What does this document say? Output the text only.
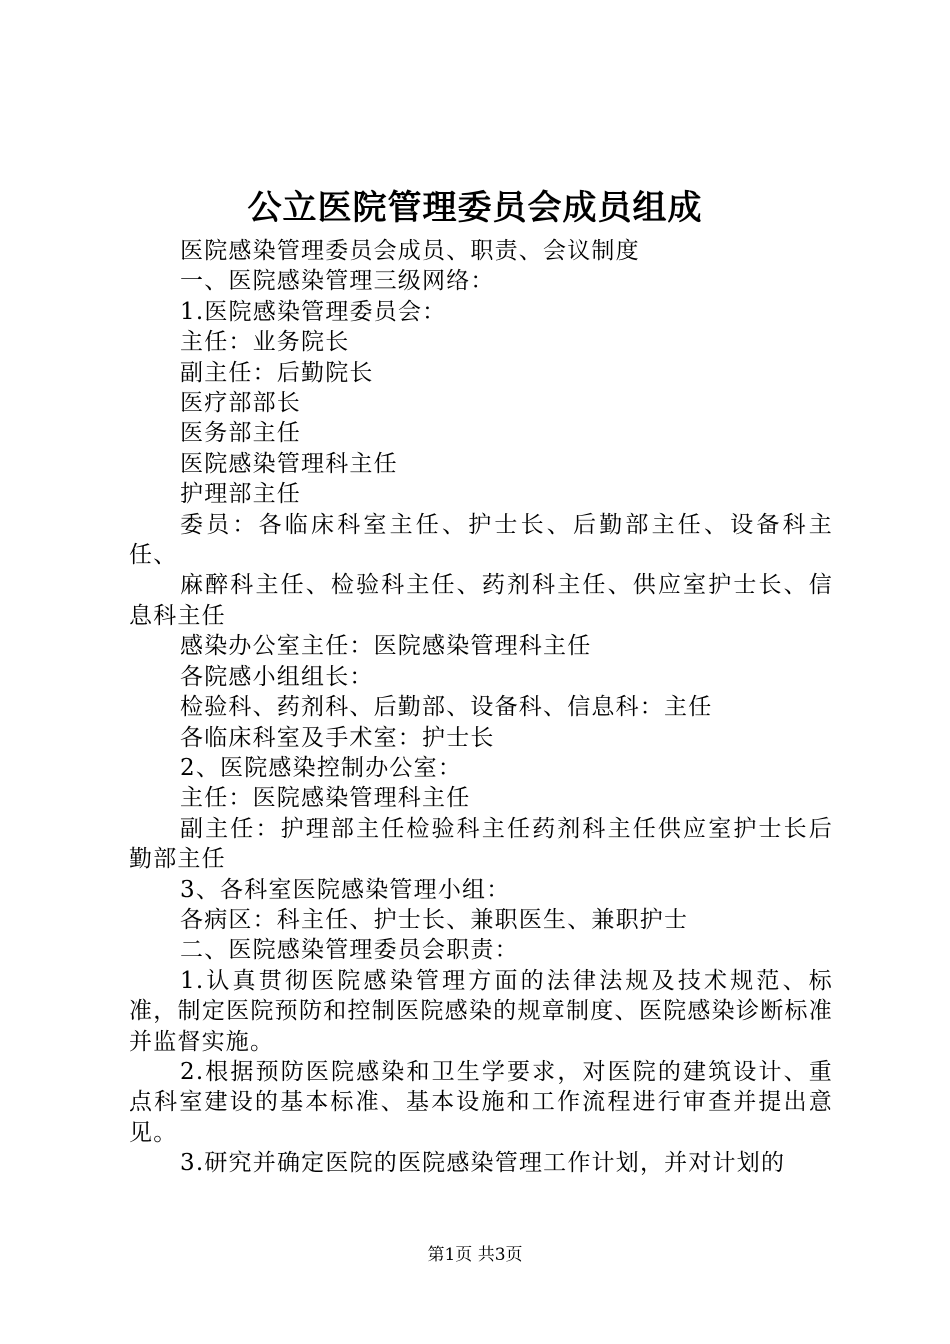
公立医院管理委员会成员组成

医院感染管理委员会成员、职责、会议制度

一、医院感染管理三级网络：

1.医院感染管理委员会：

主任：业务院长

副主任：后勤院长

医疗部部长

医务部主任

医院感染管理科主任

护理部主任

委员：各临床科室主任、护士长、后勤部主任、设备科主任、

麻醉科主任、检验科主任、药剂科主任、供应室护士长、信息科主任

感染办公室主任：医院感染管理科主任

各院感小组组长：

检验科、药剂科、后勤部、设备科、信息科：主任

各临床科室及手术室：护士长

2、医院感染控制办公室：

主任：医院感染管理科主任

副主任：护理部主任检验科主任药剂科主任供应室护士长后勤部主任

3、各科室医院感染管理小组：

各病区：科主任、护士长、兼职医生、兼职护士

二、医院感染管理委员会职责：

1.认真贯彻医院感染管理方面的法律法规及技术规范、标准，制定医院预防和控制医院感染的规章制度、医院感染诊断标准并监督实施。

2.根据预防医院感染和卫生学要求，对医院的建筑设计、重点科室建设的基本标准、基本设施和工作流程进行审查并提出意见。

3.研究并确定医院的医院感染管理工作计划，并对计划的

第1页 共3页
